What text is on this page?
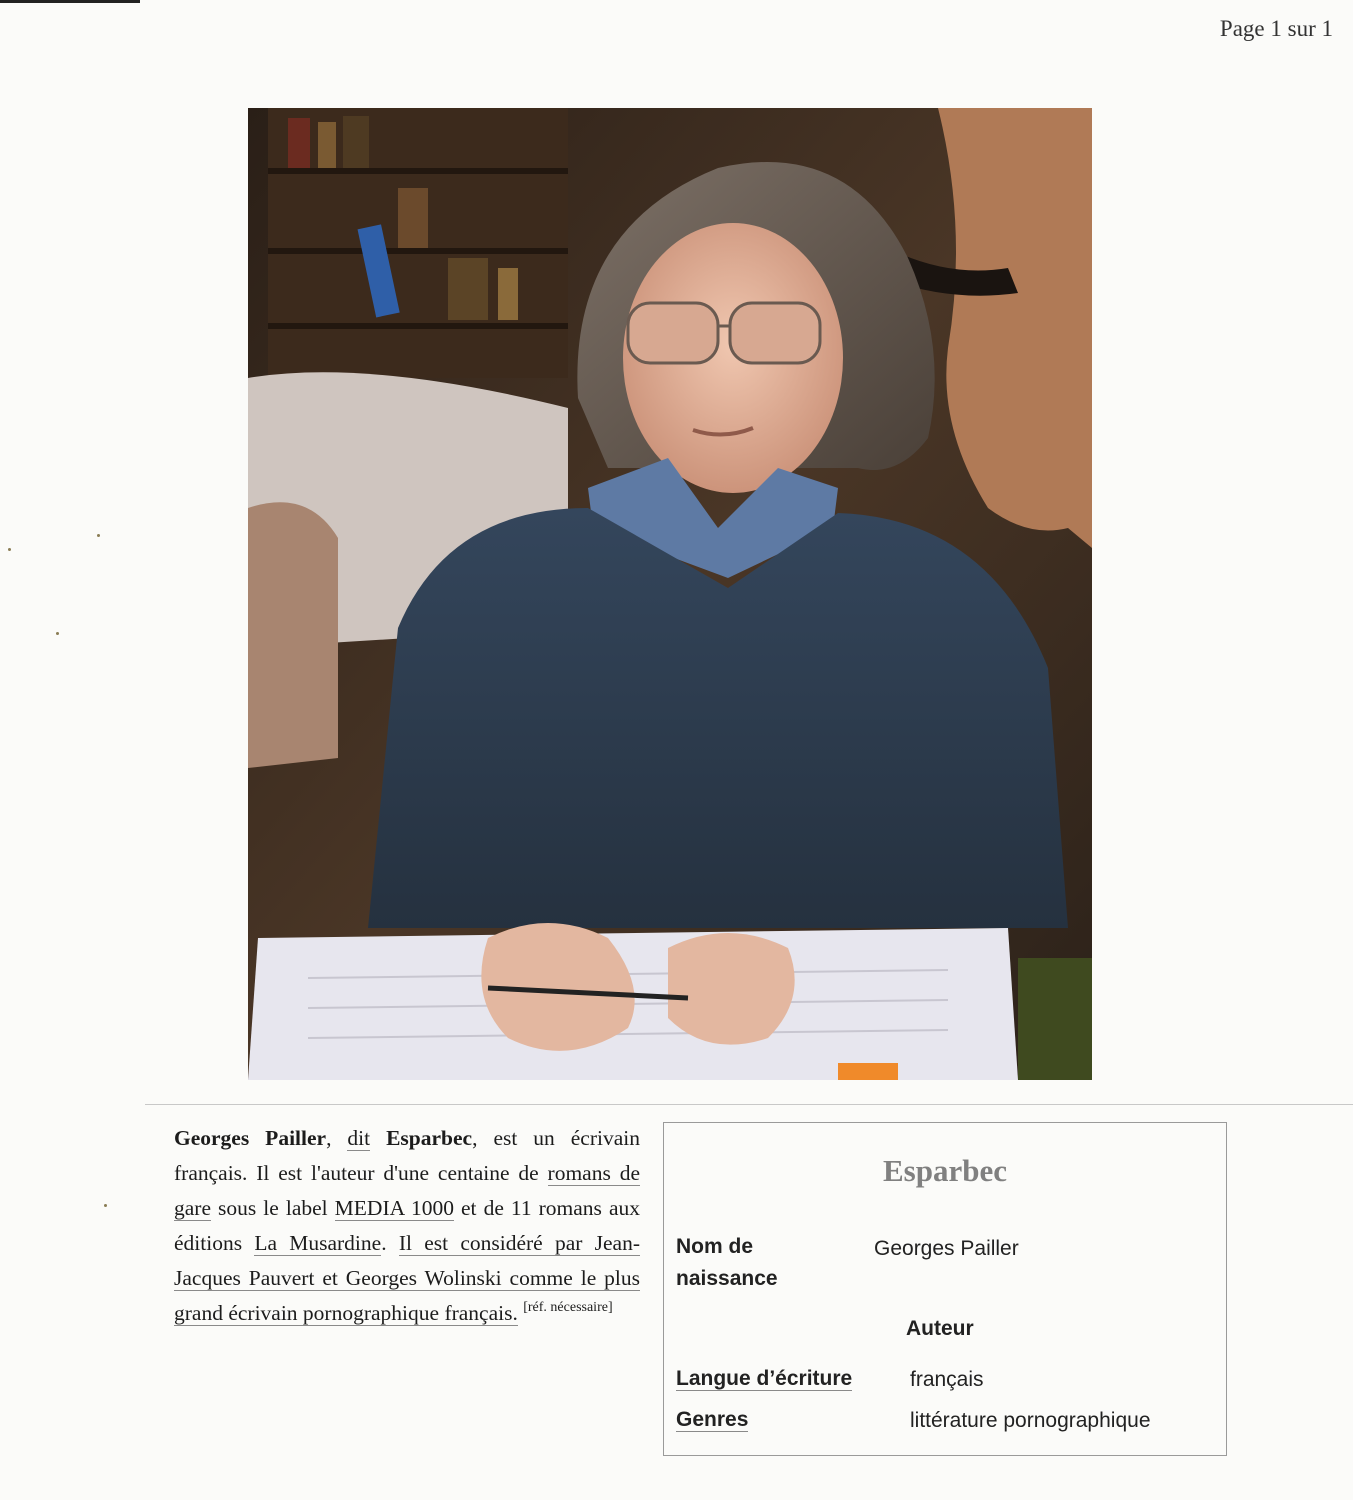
Page 1 sur 1

Georges Pailler, dit Esparbec, est un écrivain français. Il est l'auteur d'une centaine de romans de gare sous le label MEDIA 1000 et de 11 romans aux éditions La Musardine. Il est considéré par Jean-Jacques Pauvert et Georges Wolinski comme le plus grand écrivain pornographique français. [réf. nécessaire]

Esparbec
Nom de
naissance
Georges Pailler
Auteur
Langue d’écriture	français
Genres	littérature pornographique
